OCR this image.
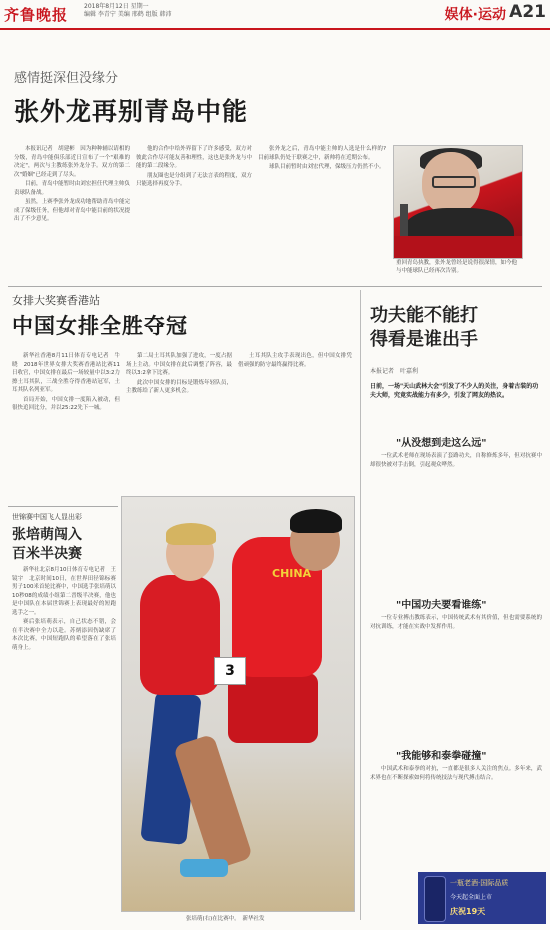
齐鲁晚报	2018年8月12日 星期一
编辑 李青宁 美编 邢鹤 组版 韩沛	娱体·运动 A21
感情挺深但没缘分
张外龙再别青岛中能

本报讯记者　胡建彬　因为种种辅以请相的分级，青岛中能俱乐部近日宣布了一个"艰难的决定"，两次与主教练张外龙分手。双方的第二次"婚姻"已经走到了尽头。

目前，青岛中能暂时由刘宏担任代理主帅负责球队备战。

虽然，上赛季张外龙成功地帮助青岛中能完成了保级任务，但他却对青岛中能目前的状况提出了不少意见。

他的合作中给外界留下了许多感受，双方对彼此合作尽可能友善和理性，这也是张外龙与中能的第二段缘分。

朋友圈也是分组到了无法言表的程度，双方只能选择再度分手。

张外龙之后，青岛中能主帅的人选是什么样的?目前球队仍处于联赛之中，新帅将在近期公布。

球队目前暂时由刘宏代理，保级压力仍然不小。

重回青岛执教，张外龙曾经是说得很深情，如今他与中能球队已经再次告别。
女排大奖赛香港站
中国女排全胜夺冠

新华社香港8月11日体育专电记者　牛晓　2018年世界女排大奖赛香港站比赛11日收官，中国女排在最后一场较量中以3:2力擦土耳其队，三战全胜夺得香港站冠军，土耳其队名列亚军。

首局开始，中国女排一度陷入被动，但很快追回比分，并以25:22先下一城。

第二局土耳其队加强了进攻，一度占据场上主动。中国女排在此后调整了阵容，最终以3:2拿下比赛。

此次中国女排的目标是锻炼年轻队员，主教练给了新人更多机会。

土耳其队主攻手表现出色，但中国女排凭借顽强的防守最终赢得比赛。

功夫能不能打
得看是谁出手
本报记者　叶嘉利
日前，一场"天山武林大会"引发了不少人的关注，身着古装的功夫大师，究竟实战能力有多少，引发了网友的热议。
"从没想到走这么远"

一位武术老师在现场表演了套路功夫，自称修炼多年，但对抗赛中却很快被对手击倒，引起观众哗然。

"中国功夫要看谁练"

一位专业搏击教练表示，中国传统武术有其价值，但也需要系统的对抗训练，才能在实战中发挥作用。

"我能够和泰拳碰撞"

中国武术和泰拳的对抗，一直都是很多人关注的焦点。多年来，武术界也在不断探索如何将传统技法与现代搏击结合。

世锦赛中国飞人显出彩
张培萌闯入
百米半决赛

新华社北京8月10日体育专电记者　王镜宇　北京时间10日，在世界田径锦标赛男子100米首轮比赛中，中国选手张培萌以10秒08的成绩小组第二晋级半决赛，他也是中国队在本届世锦赛上表现最好的短跑选手之一。

赛后张培萌表示，自己状态不错，会在半决赛中全力以赴。苏炳添因伤缺席了本次比赛，中国短跑队的希望落在了张培萌身上。

CHINA
3
张培萌(右)在比赛中。　新华社发
一瓶老酒·国际品质
今天起全面上市
庆祝19天
